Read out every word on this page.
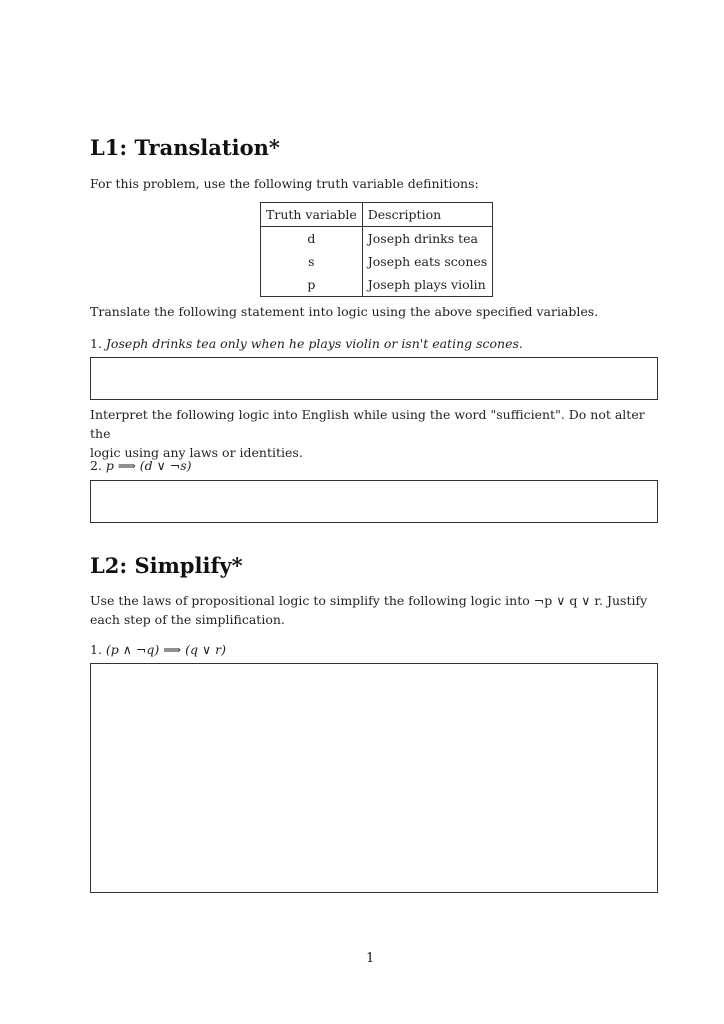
L1: Translation*
For this problem, use the following truth variable definitions:
Truth variable	Description
d	Joseph drinks tea
s	Joseph eats scones
p	Joseph plays violin
Translate the following statement into logic using the above specified variables.
1. Joseph drinks tea only when he plays violin or isn't eating scones.
Interpret the following logic into English while using the word "sufficient". Do not alter the
logic using any laws or identities.
2. p ⟹ (d ∨ ¬s)
L2: Simplify*
Use the laws of propositional logic to simplify the following logic into ¬p ∨ q ∨ r. Justify
each step of the simplification.
1. (p ∧ ¬q) ⟹ (q ∨ r)
1
